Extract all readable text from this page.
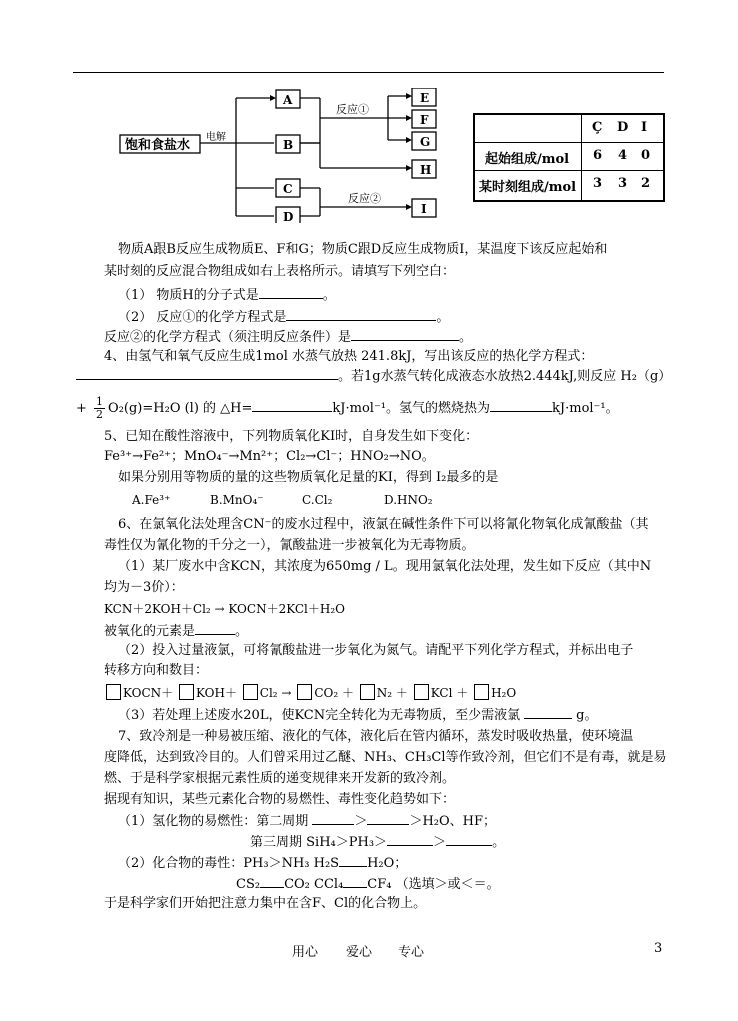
饱和食盐水
电解
A
B
C
D
反应①
反应②
E
F
G
H
I
Ç D I
起始组成/mol 6 4 0
某时刻组成/mol 3 3 2
物质A跟B反应生成物质E、F和G；物质C跟D反应生成物质I，某温度下该反应起始和
某时刻的反应混合物组成如右上表格所示。请填写下列空白：
（1） 物质H的分子式是	。
（2） 反应①的化学方程式是	。
反应②的化学方程式（须注明反应条件）是	。
4、由氢气和氧气反应生成1mol 水蒸气放热 241.8kJ，写出该反应的热化学方程式：
。若1g水蒸气转化成液态水放热2.444kJ,则反应 H₂（g）
+ $\frac{1}{2} O_2(g)=H_2O$ (l) 的 △H=	kJ·mol⁻¹。氢气的燃烧热为	kJ·mol⁻¹。
5、已知在酸性溶液中，下列物质氧化KI时，自身发生如下变化：
Fe³⁺→Fe²⁺；MnO₄⁻→Mn²⁺；Cl₂→Cl⁻；HNO₂→NO。
如果分别用等物质的量的这些物质氧化足量的KI，得到 I₂最多的是
A.Fe³⁺	B.MnO₄⁻	C.Cl₂	D.HNO₂
6、在氯氧化法处理含CN⁻的废水过程中，液氯在碱性条件下可以将氰化物氧化成氰酸盐（其
毒性仅为氰化物的千分之一），氰酸盐进一步被氧化为无毒物质。
（1）某厂废水中含KCN，其浓度为650mg / L。现用氯氧化法处理，发生如下反应（其中N
均为－3价）：
KCN＋2KOH＋Cl₂ → KOCN＋2KCl＋H₂O
被氧化的元素是	。
（2）投入过量液氯，可将氰酸盐进一步氧化为氮气。请配平下列化学方程式，并标出电子
转移方向和数目：
KOCN＋ KOH＋ Cl₂ → CO₂ ＋ N₂ ＋ KCl ＋ H₂O
（3）若处理上述废水20L，使KCN完全转化为无毒物质，至少需液氯	g。
7、致冷剂是一种易被压缩、液化的气体，液化后在管内循环，蒸发时吸收热量，使环境温
度降低，达到致冷目的。人们曾采用过乙醚、NH₃、CH₃Cl等作致冷剂，但它们不是有毒，就是易
燃、于是科学家根据元素性质的递变规律来开发新的致冷剂。
据现有知识，某些元素化合物的易燃性、毒性变化趋势如下：
（1）氢化物的易燃性：第二周期	＞	＞H₂O、HF；
第三周期 SiH₄＞PH₃＞	＞	。
（2）化合物的毒性：PH₃＞NH₃ H₂S H₂O；
CS₂ CO₂ CCl₄ CF₄ （选填＞或＜＝。
于是科学家们开始把注意力集中在含F、Cl的化合物上。
用心 爱心 专心	3
